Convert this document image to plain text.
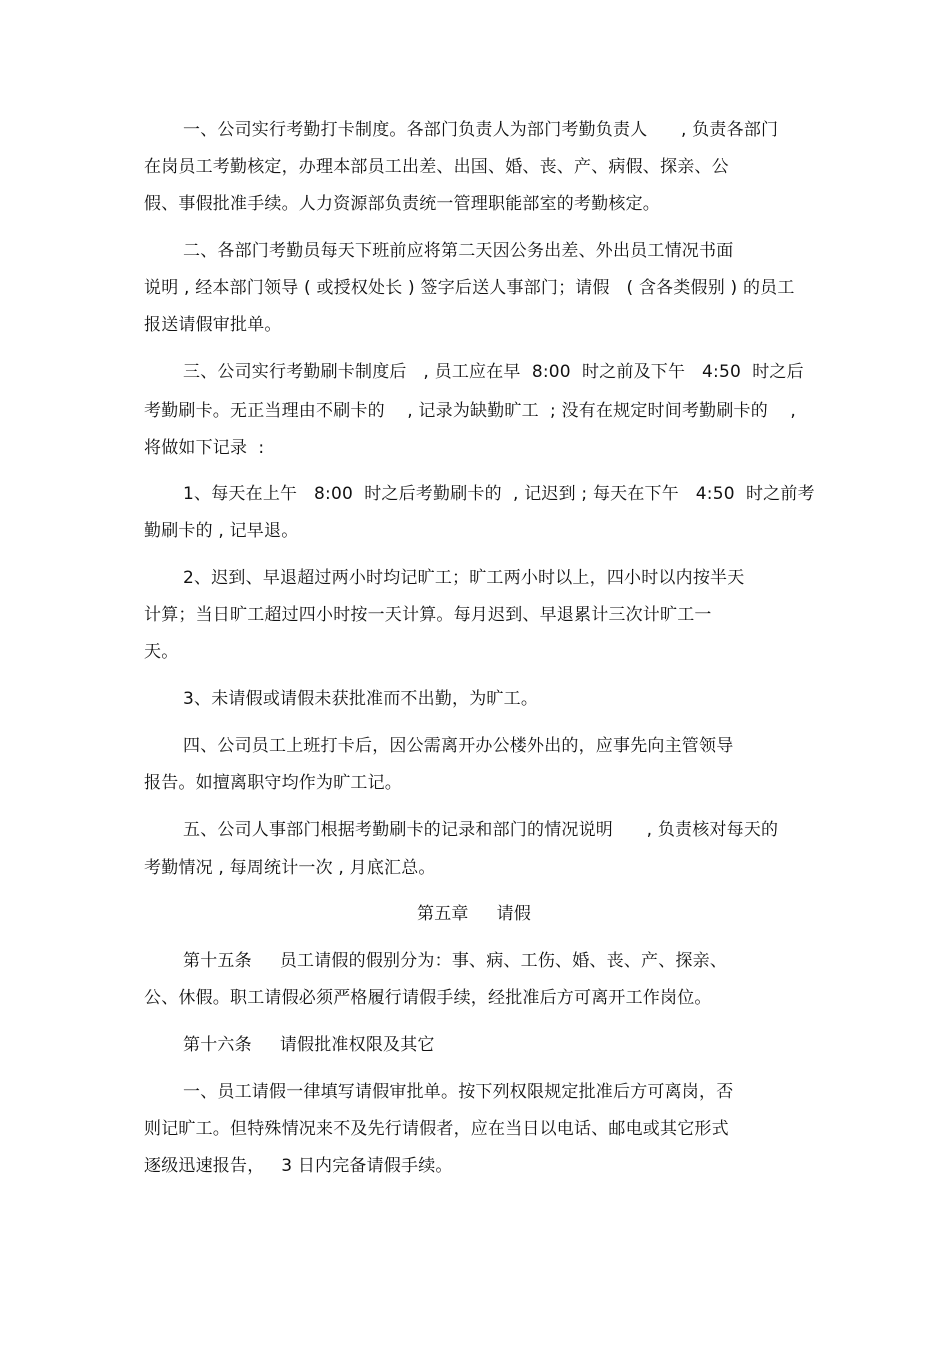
一、公司实行考勤打卡制度。各部门负责人为部门考勤负责人      , 负责各部门
在岗员工考勤核定，办理本部员工出差、出国、婚、丧、产、病假、探亲、公
假、事假批准手续。人力资源部负责统一管理职能部室的考勤核定。
二、各部门考勤员每天下班前应将第二天因公务出差、外出员工情况书面
说明 , 经本部门领导 ( 或授权处长 ) 签字后送人事部门；请假   ( 含各类假别 ) 的员工
报送请假审批单。
三、公司实行考勤刷卡制度后   , 员工应在早  8:00  时之前及下午   4:50  时之后
考勤刷卡。无正当理由不刷卡的    , 记录为缺勤旷工  ; 没有在规定时间考勤刷卡的    ,
将做如下记录  :
1、每天在上午   8:00  时之后考勤刷卡的  , 记迟到 ; 每天在下午   4:50  时之前考
勤刷卡的 , 记早退。
2、迟到、早退超过两小时均记旷工；旷工两小时以上，四小时以内按半天
计算；当日旷工超过四小时按一天计算。每月迟到、早退累计三次计旷工一
天。
3、未请假或请假未获批准而不出勤，为旷工。
四、公司员工上班打卡后，因公需离开办公楼外出的，应事先向主管领导
报告。如擅离职守均作为旷工记。
五、公司人事部门根据考勤刷卡的记录和部门的情况说明      , 负责核对每天的
考勤情况 , 每周统计一次 , 月底汇总。
第五章     请假
第十五条     员工请假的假别分为：事、病、工伤、婚、丧、产、探亲、
公、休假。职工请假必须严格履行请假手续，经批准后方可离开工作岗位。
第十六条     请假批准权限及其它
一、员工请假一律填写请假审批单。按下列权限规定批准后方可离岗，否
则记旷工。但特殊情况来不及先行请假者，应在当日以电话、邮电或其它形式
逐级迅速报告，   3 日内完备请假手续。
